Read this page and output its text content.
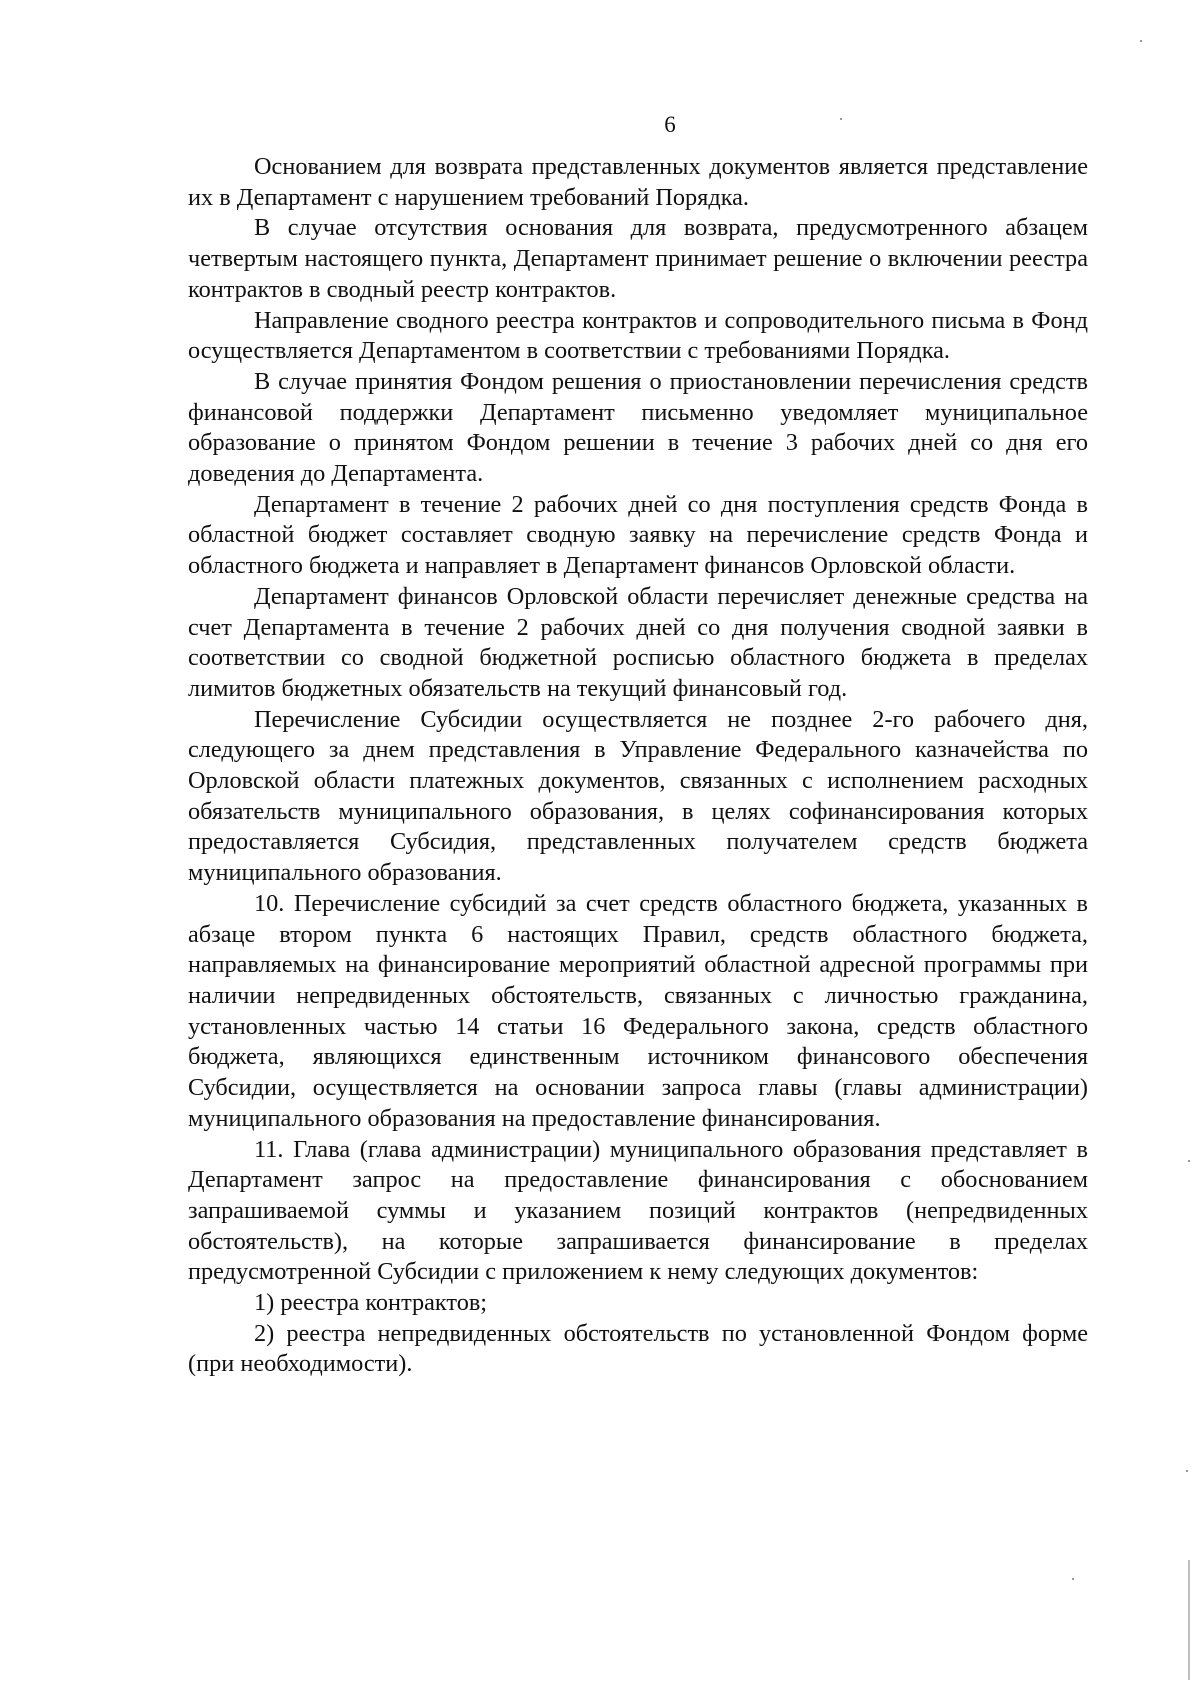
6

Основанием для возврата представленных документов является представление их в Департамент с нарушением требований Порядка.

В случае отсутствия основания для возврата, предусмотренного абзацем четвертым настоящего пункта, Департамент принимает решение о включении реестра контрактов в сводный реестр контрактов.

Направление сводного реестра контрактов и сопроводительного письма в Фонд осуществляется Департаментом в соответствии с требованиями Порядка.

В случае принятия Фондом решения о приостановлении перечисления средств финансовой поддержки Департамент письменно уведомляет муниципальное образование о принятом Фондом решении в течение 3 рабочих дней со дня его доведения до Департамента.

Департамент в течение 2 рабочих дней со дня поступления средств Фонда в областной бюджет составляет сводную заявку на перечисление средств Фонда и областного бюджета и направляет в Департамент финансов Орловской области.

Департамент финансов Орловской области перечисляет денежные средства на счет Департамента в течение 2 рабочих дней со дня получения сводной заявки в соответствии со сводной бюджетной росписью областного бюджета в пределах лимитов бюджетных обязательств на текущий финансовый год.

Перечисление Субсидии осуществляется не позднее 2-го рабочего дня, следующего за днем представления в Управление Федерального казначейства по Орловской области платежных документов, связанных с исполнением расходных обязательств муниципального образования, в целях софинансирования которых предоставляется Субсидия, представленных получателем средств бюджета муниципального образования.

10. Перечисление субсидий за счет средств областного бюджета, указанных в абзаце втором пункта 6 настоящих Правил, средств областного бюджета, направляемых на финансирование мероприятий областной адресной программы при наличии непредвиденных обстоятельств, связанных с личностью гражданина, установленных частью 14 статьи 16 Федерального закона, средств областного бюджета, являющихся единственным источником финансового обеспечения Субсидии, осуществляется на основании запроса главы (главы администрации) муниципального образования на предоставление финансирования.

11. Глава (глава администрации) муниципального образования представляет в Департамент запрос на предоставление финансирования с обоснованием запрашиваемой суммы и указанием позиций контрактов (непредвиденных обстоятельств), на которые запрашивается финансирование в пределах предусмотренной Субсидии с приложением к нему следующих документов:

1) реестра контрактов;

2) реестра непредвиденных обстоятельств по установленной Фондом форме (при необходимости).
